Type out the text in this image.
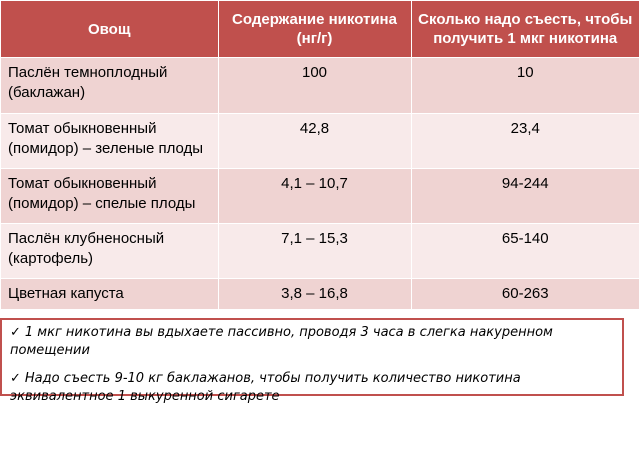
Овощ	Содержание никотина (нг/г)	Сколько надо съесть, чтобы получить 1 мкг никотина
Паслён темноплодный (баклажан)	100	10
Томат обыкновенный (помидор) – зеленые плоды	42,8	23,4
Томат обыкновенный (помидор) – спелые плоды	4,1 – 10,7	94-244
Паслён клубненосный (картофель)	7,1 – 15,3	65-140
Цветная капуста	3,8 – 16,8	60-263
✓ 1 мкг никотина вы вдыхаете пассивно, проводя 3 часа в слегка накуренном помещении
✓ Надо съесть 9-10 кг баклажанов, чтобы получить количество никотина эквивалентное 1 выкуренной сигарете
